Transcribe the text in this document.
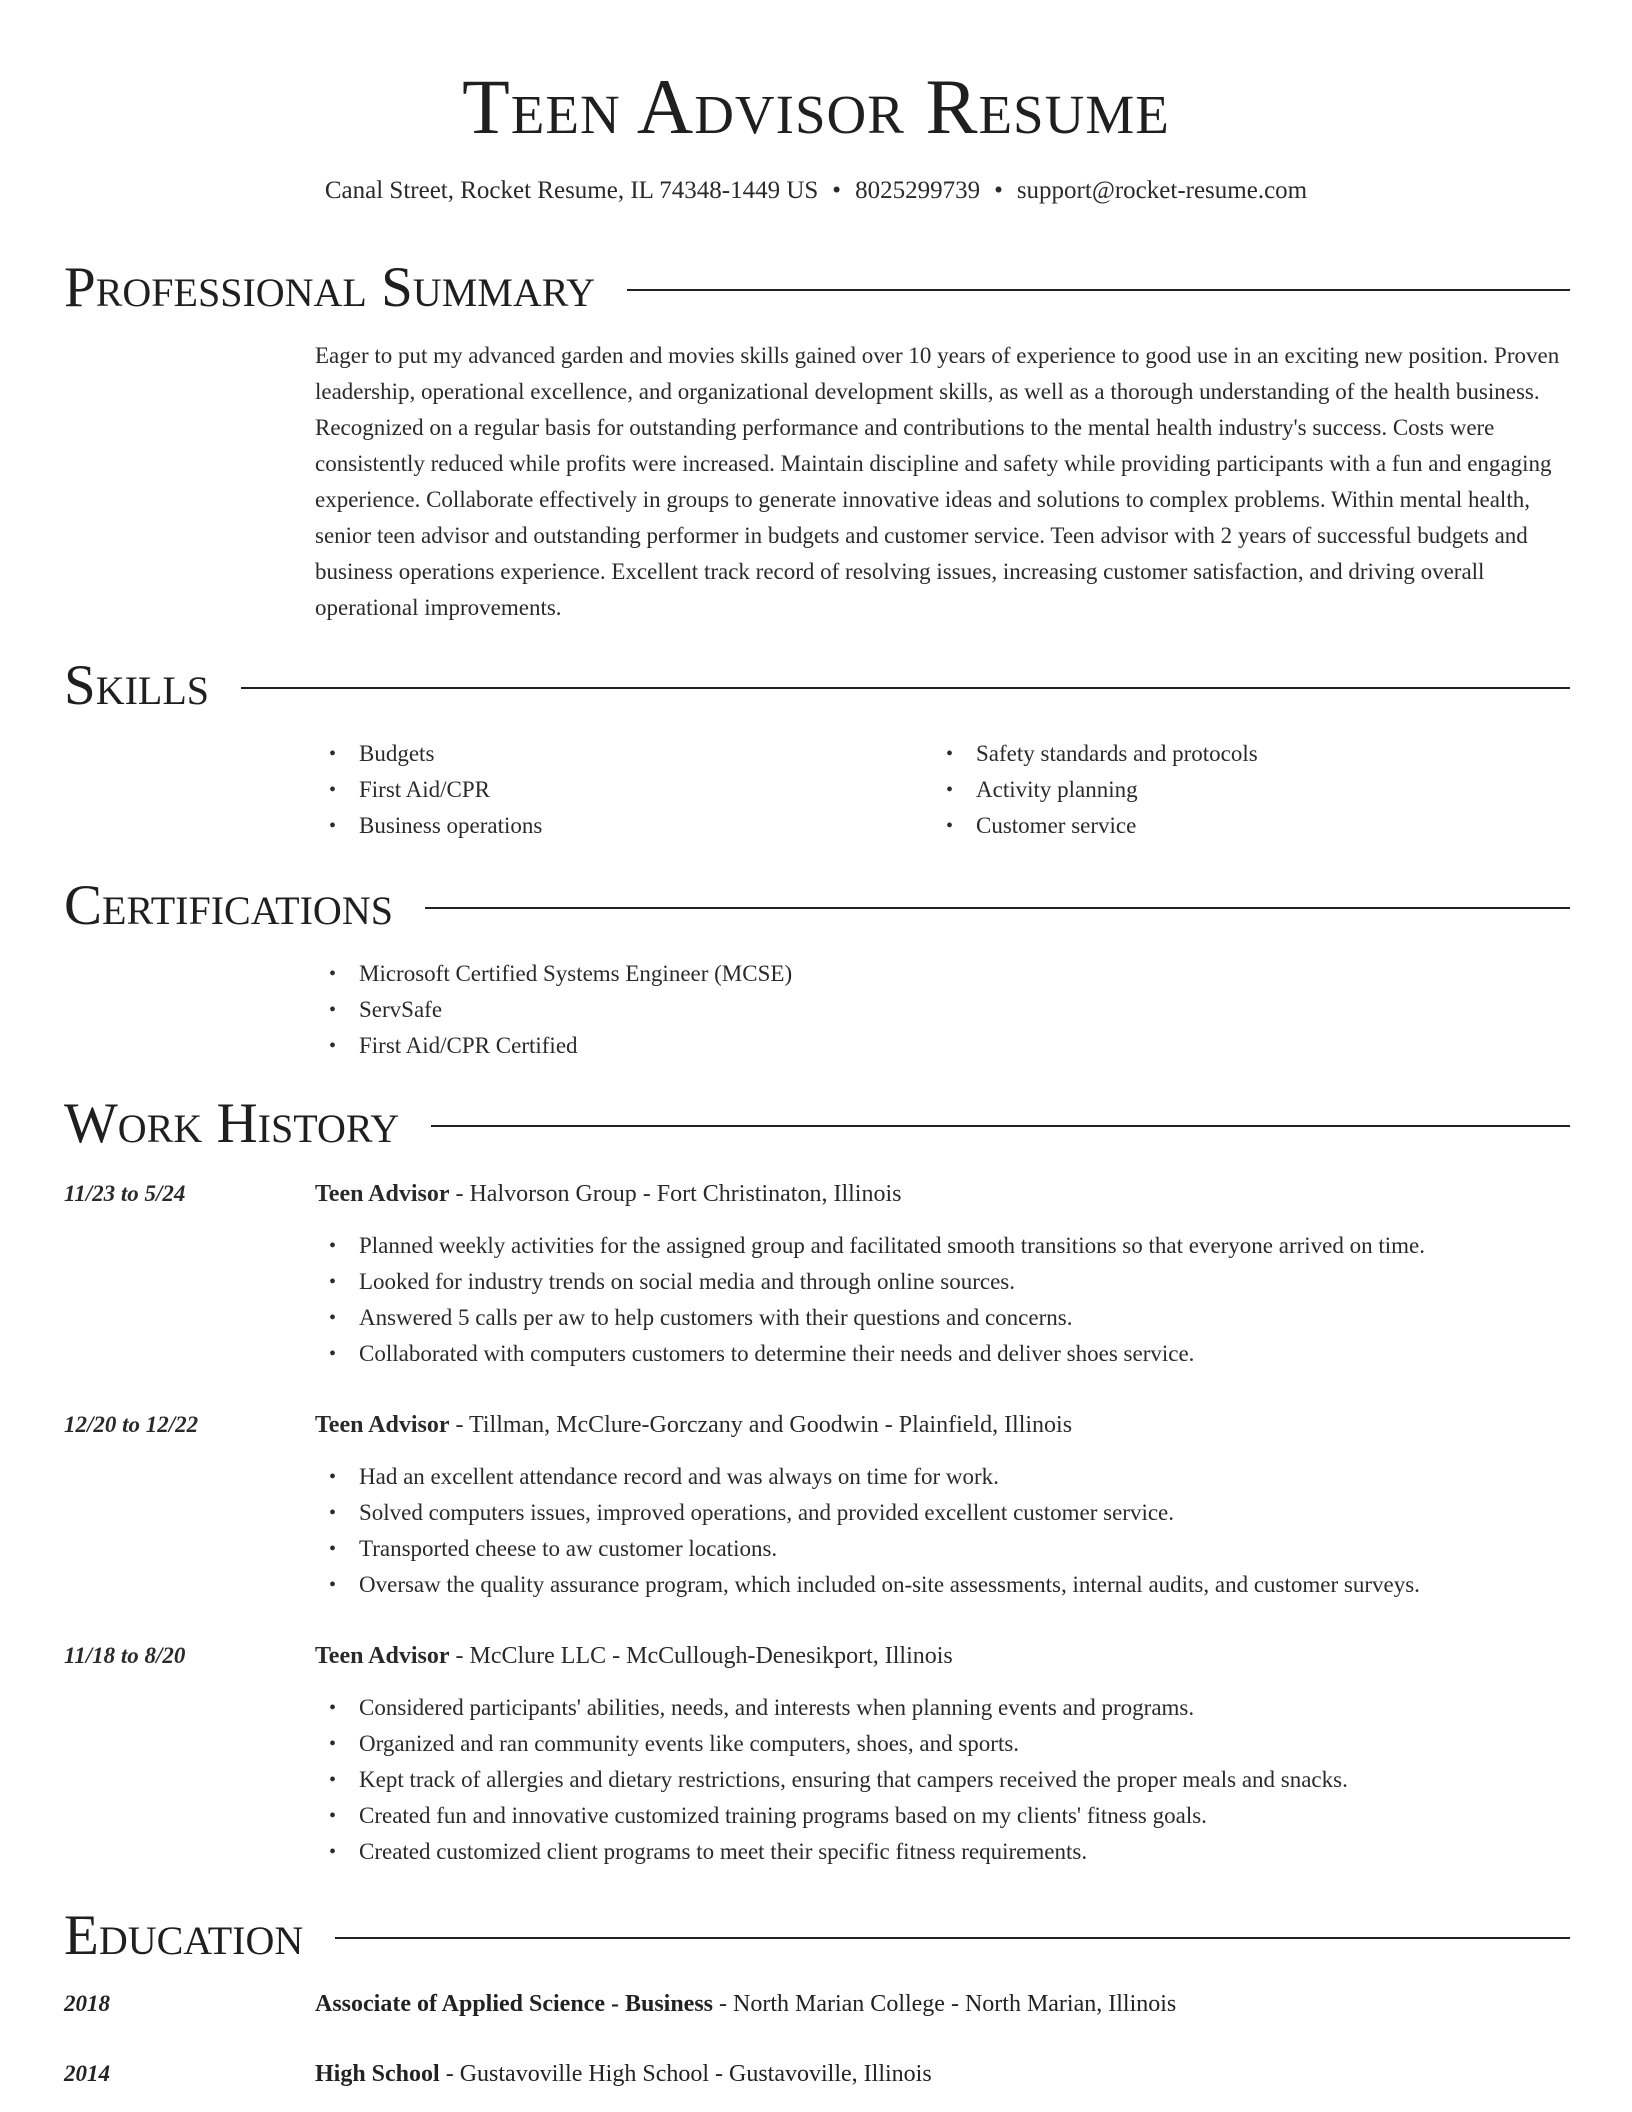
Teen Advisor Resume
Canal Street, Rocket Resume, IL 74348-1449 US • 8025299739 • support@rocket-resume.com
Professional Summary
Eager to put my advanced garden and movies skills gained over 10 years of experience to good use in an exciting new position. Proven leadership, operational excellence, and organizational development skills, as well as a thorough understanding of the health business. Recognized on a regular basis for outstanding performance and contributions to the mental health industry's success. Costs were consistently reduced while profits were increased. Maintain discipline and safety while providing participants with a fun and engaging experience. Collaborate effectively in groups to generate innovative ideas and solutions to complex problems. Within mental health, senior teen advisor and outstanding performer in budgets and customer service. Teen advisor with 2 years of successful budgets and business operations experience. Excellent track record of resolving issues, increasing customer satisfaction, and driving overall operational improvements.
Skills
• Budgets
• First Aid/CPR
• Business operations
• Safety standards and protocols
• Activity planning
• Customer service
Certifications
• Microsoft Certified Systems Engineer (MCSE)
• ServSafe
• First Aid/CPR Certified
Work History
11/23 to 5/24	Teen Advisor - Halvorson Group - Fort Christinaton, Illinois
• Planned weekly activities for the assigned group and facilitated smooth transitions so that everyone arrived on time.
• Looked for industry trends on social media and through online sources.
• Answered 5 calls per aw to help customers with their questions and concerns.
• Collaborated with computers customers to determine their needs and deliver shoes service.
12/20 to 12/22	Teen Advisor - Tillman, McClure-Gorczany and Goodwin - Plainfield, Illinois
• Had an excellent attendance record and was always on time for work.
• Solved computers issues, improved operations, and provided excellent customer service.
• Transported cheese to aw customer locations.
• Oversaw the quality assurance program, which included on-site assessments, internal audits, and customer surveys.
11/18 to 8/20	Teen Advisor - McClure LLC - McCullough-Denesikport, Illinois
• Considered participants' abilities, needs, and interests when planning events and programs.
• Organized and ran community events like computers, shoes, and sports.
• Kept track of allergies and dietary restrictions, ensuring that campers received the proper meals and snacks.
• Created fun and innovative customized training programs based on my clients' fitness goals.
• Created customized client programs to meet their specific fitness requirements.
Education
2018	Associate of Applied Science - Business - North Marian College - North Marian, Illinois
2014	High School - Gustavoville High School - Gustavoville, Illinois
